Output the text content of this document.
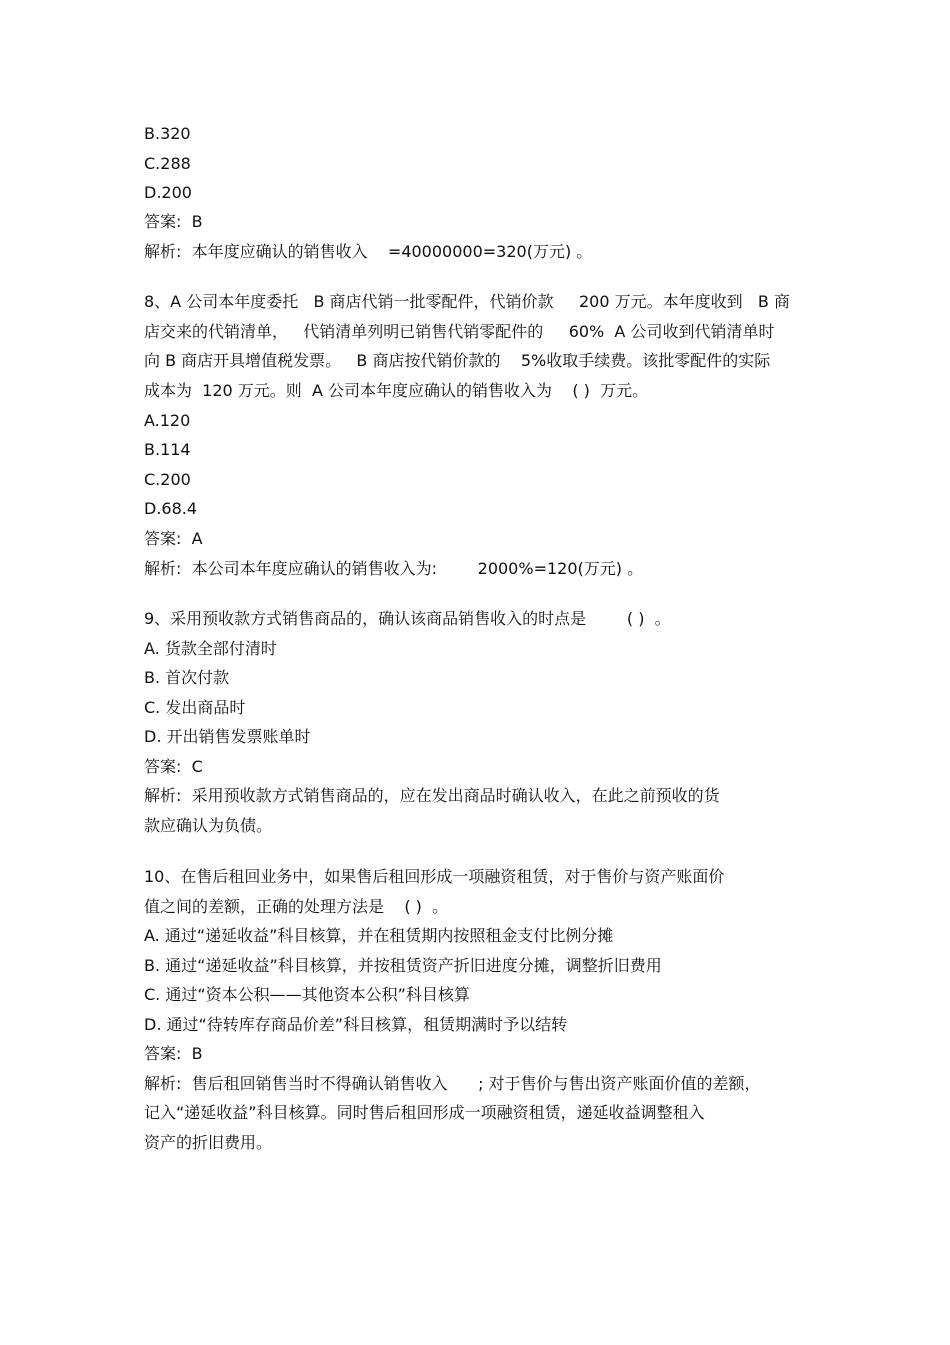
B.320
C.288
D.200
答案:  B
解析:  本年度应确认的销售收入    =40000000=320(万元) 。
8、A 公司本年度委托   B 商店代销一批零配件，代销价款     200 万元。本年度收到   B 商
店交来的代销清单，   代销清单列明已销售代销零配件的     60%  A 公司收到代销清单时
向 B 商店开具增值税发票。   B 商店按代销价款的    5%收取手续费。该批零配件的实际
成本为  120 万元。则  A 公司本年度应确认的销售收入为    ( )  万元。
A.120
B.114
C.200
D.68.4
答案:  A
解析:  本公司本年度应确认的销售收入为:        2000%=120(万元) 。
9、采用预收款方式销售商品的，确认该商品销售收入的时点是        ( )  。
A. 货款全部付清时
B. 首次付款
C. 发出商品时
D. 开出销售发票账单时
答案:  C
解析:  采用预收款方式销售商品的，应在发出商品时确认收入，在此之前预收的货
款应确认为负债。
10、在售后租回业务中，如果售后租回形成一项融资租赁，对于售价与资产账面价
值之间的差额，正确的处理方法是    ( )  。
A. 通过“递延收益”科目核算，并在租赁期内按照租金支付比例分摊
B. 通过“递延收益”科目核算，并按租赁资产折旧进度分摊，调整折旧费用
C. 通过“资本公积——其他资本公积”科目核算
D. 通过“待转库存商品价差”科目核算，租赁期满时予以结转
答案:  B
解析:  售后租回销售当时不得确认销售收入      ; 对于售价与售出资产账面价值的差额，
记入“递延收益”科目核算。同时售后租回形成一项融资租赁，递延收益调整租入
资产的折旧费用。
